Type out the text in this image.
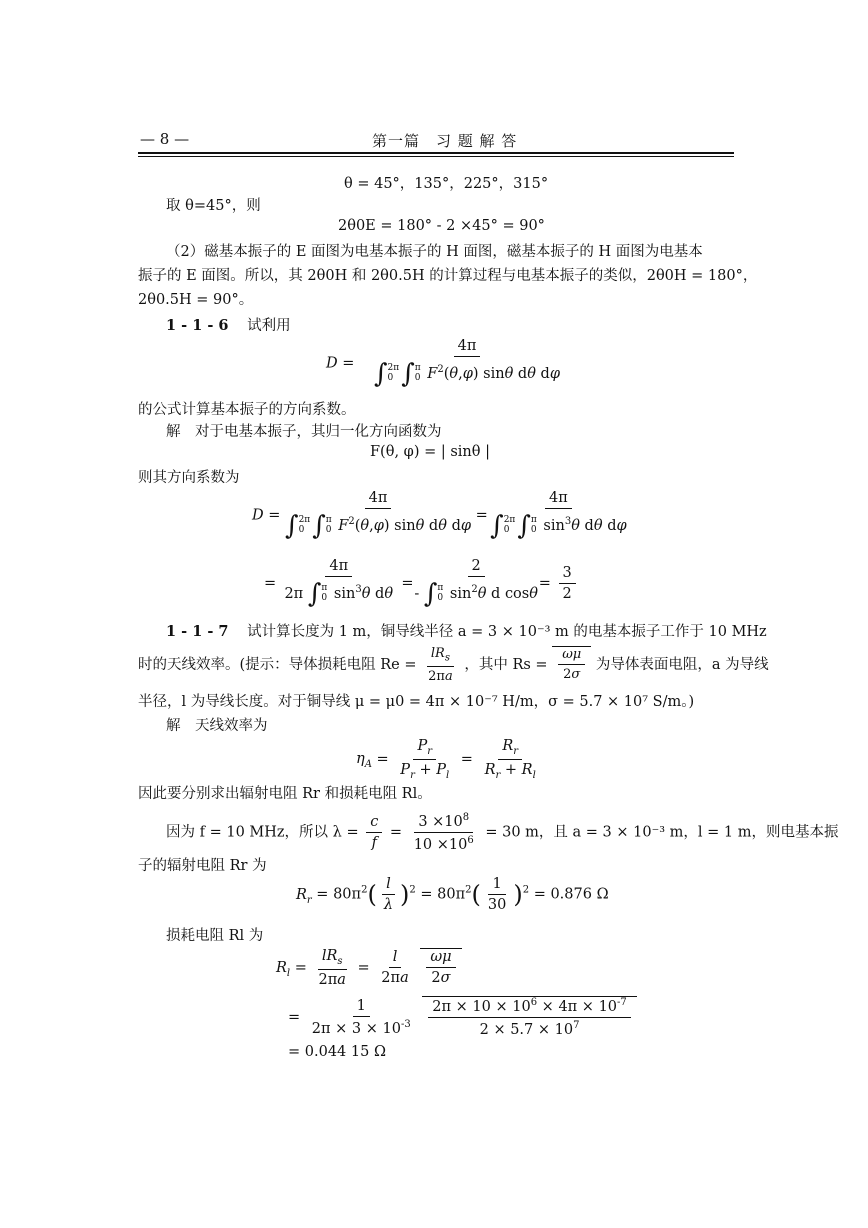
— 8 —	第一篇　习 题 解 答
θ = 45°，135°，225°，315°
取 θ=45°，则
2θ0E = 180° - 2 ×45° = 90°
（2）磁基本振子的 E 面图为电基本振子的 H 面图，磁基本振子的 H 面图为电基本
振子的 E 面图。所以，其 2θ0H 和 2θ0.5H 的计算过程与电基本振子的类似，2θ0H = 180°，
2θ0.5H = 90°。
1 - 1 - 6 试利用
D = 4π
∫ 2π
0 ∫ π
0 $F^2(\theta,\varphi)$ sinθ dθ dφ
的公式计算基本振子的方向系数。
解　对于电基本振子，其归一化方向函数为
F(θ, φ) = | sinθ |
则其方向系数为
D = 4π
∫ 2π
0 ∫ π
0 $F^2(\theta,\varphi)$ sinθ dθ dφ = 4π
∫ 2π
0 ∫ π
0 $\sin^3\theta$ dθ dφ
= 4π
2π ∫ π
0 $\sin^3\theta$ dθ = 2
- ∫ π
0 $\sin^2\theta$ d $\cos\theta = \frac{3}{2}$
1 - 1 - 7 试计算长度为 1 m，铜导线半径 a = 3 × 10⁻³ m 的电基本振子工作于 10 MHz
时的天线效率。(提示：导体损耗电阻 $Re = \frac{lR_s}{2\pi a}$ ，其中 $Rs = \frac{\omega\mu}{2\sigma}$ 为导体表面电阻，a 为导线
半径，l 为导线长度。对于铜导线 μ = μ0 = 4π × 10⁻⁷ H/m，σ = 5.7 × 10⁷ S/m。)
解　天线效率为
$\eta_A = \frac{P_r}{P_r + P_l} = \frac{R_r}{R_r + R_l}$
因此要分别求出辐射电阻 Rr 和损耗电阻 Rl。
因为 f = 10 MHz，所以 $\lambda = \frac{c}{f} = \frac{3 \times 10^8}{10 \times 10^6} = 30$ m，且 a = 3 × 10⁻³ m，l = 1 m，则电基本振
子的辐射电阻 Rr 为
$R_r = 80\pi^2( \frac{l}{\lambda} )^2 = 80\pi^2( \frac{1}{30} )^2 = 0.876$ Ω
损耗电阻 Rl 为
$R_l = \frac{lR_s}{2\pi a} = \frac{l}{2\pi a}$
$\frac{\omega\mu}{2\sigma}$
= $\frac{1}{2\pi \times 3 \times 10^{-3}}$
$\frac{2\pi \times 10 \times 10^6 \times 4\pi \times 10^{-7}}{2 \times 5.7 \times 10^7}$
= 0.044 15 Ω
